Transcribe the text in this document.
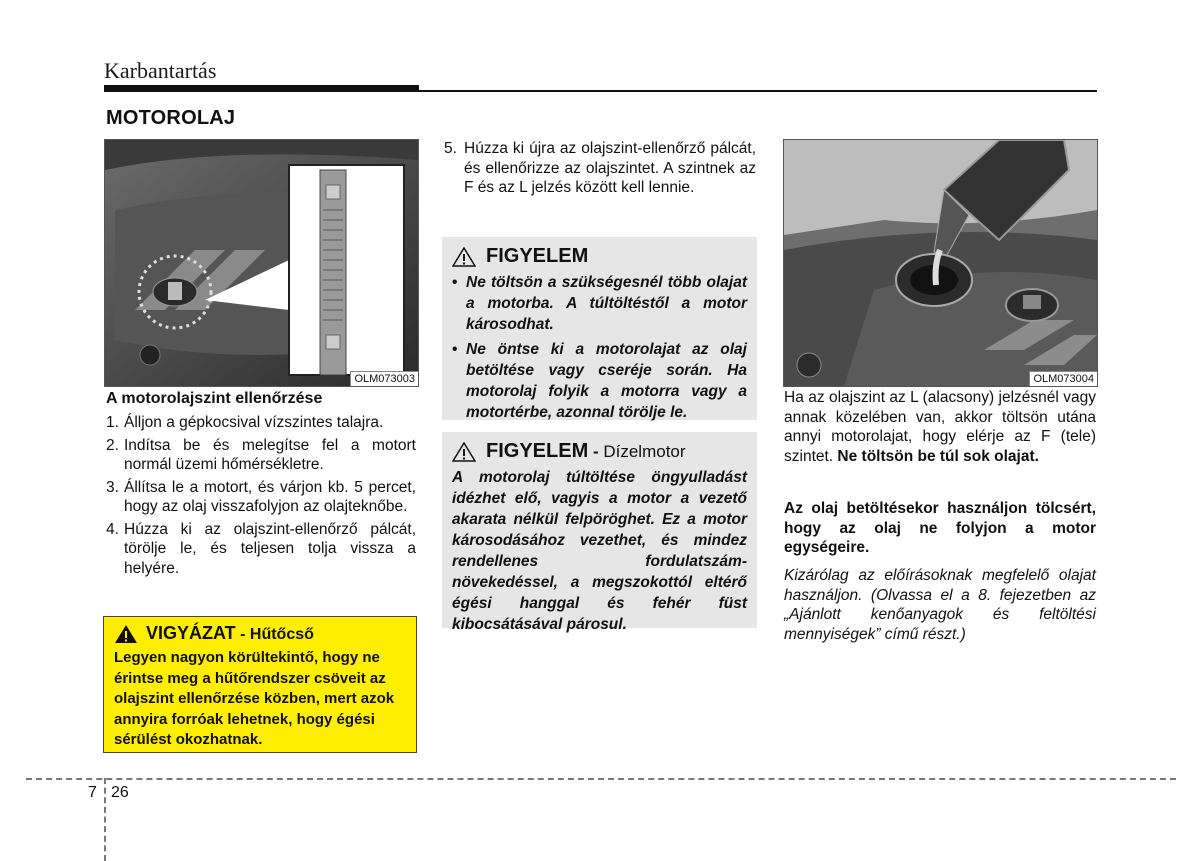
Karbantartás
MOTOROLAJ
OLM073003
A motorolajszint ellenőrzése
1. Álljon a gépkocsival vízszintes talajra.
2. Indítsa be és melegítse fel a motort normál üzemi hőmérsékletre.
3. Állítsa le a motort, és várjon kb. 5 percet, hogy az olaj visszafolyjon az olajteknőbe.
4. Húzza ki az olajszint-ellenőrző pálcát, törölje le, és teljesen tolja vissza a helyére.
VIGYÁZAT - Hűtőcső
Legyen nagyon körültekintő, hogy ne érintse meg a hűtőrendszer csöveit az olajszint ellenőrzése közben, mert azok annyira forróak lehetnek, hogy égési sérülést okozhatnak.
5. Húzza ki újra az olajszint-ellenőrző pálcát, és ellenőrizze az olajszintet. A szintnek az F és az L jelzés között kell lennie.
FIGYELEM
• Ne töltsön a szükségesnél több olajat a motorba. A túltöltéstől a motor károsodhat.
• Ne öntse ki a motorolajat az olaj betöltése vagy cseréje során. Ha motorolaj folyik a motorra vagy a motortérbe, azonnal törölje le.
FIGYELEM - Dízelmotor
A motorolaj túltöltése öngyulladást idézhet elő, vagyis a motor a vezető akarata nélkül felpöröghet. Ez a motor károsodásához vezethet, és mindez rendellenes fordulatszám-növekedéssel, a megszokottól eltérő égési hanggal és fehér füst kibocsátásával párosul.
OLM073004
Ha az olajszint az L (alacsony) jelzésnél vagy annak közelében van, akkor töltsön utána annyi motorolajat, hogy elérje az F (tele) szintet. Ne töltsön be túl sok olajat.
Az olaj betöltésekor használjon tölcsért, hogy az olaj ne folyjon a motor egységeire.
Kizárólag az előírásoknak megfelelő olajat használjon. (Olvassa el a 8. fejezetben az „Ajánlott kenőanyagok és feltöltési mennyiségek” című részt.)
7 26
